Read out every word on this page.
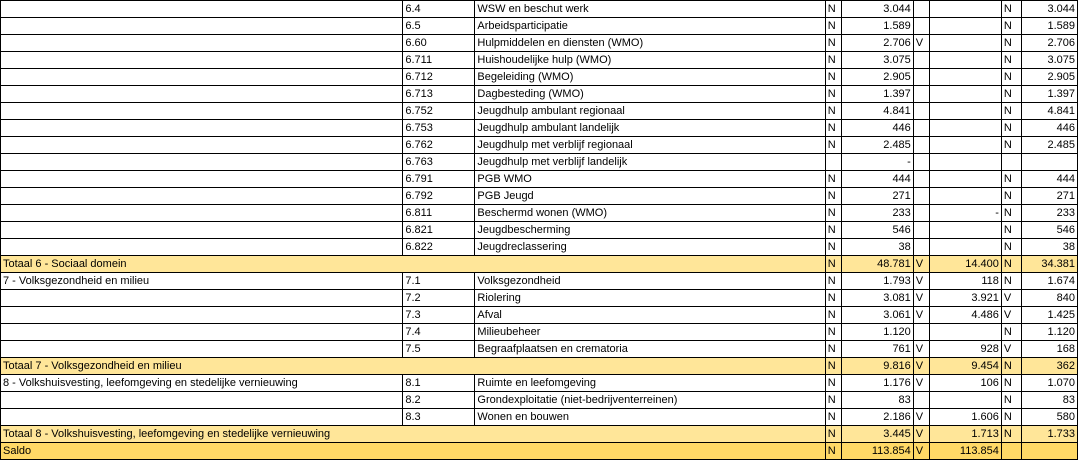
	6.4	WSW en beschut werk	N	3.044			N	3.044
	6.5	Arbeidsparticipatie	N	1.589			N	1.589
	6.60	Hulpmiddelen en diensten (WMO)	N	2.706	V		N	2.706
	6.711	Huishoudelijke hulp (WMO)	N	3.075			N	3.075
	6.712	Begeleiding (WMO)	N	2.905			N	2.905
	6.713	Dagbesteding (WMO)	N	1.397			N	1.397
	6.752	Jeugdhulp ambulant regionaal	N	4.841			N	4.841
	6.753	Jeugdhulp ambulant landelijk	N	446			N	446
	6.762	Jeugdhulp met verblijf regionaal	N	2.485			N	2.485
	6.763	Jeugdhulp met verblijf landelijk		-				
	6.791	PGB WMO	N	444			N	444
	6.792	PGB Jeugd	N	271			N	271
	6.811	Beschermd wonen (WMO)	N	233		-	N	233
	6.821	Jeugdbescherming	N	546			N	546
	6.822	Jeugdreclassering	N	38			N	38
Totaal 6 - Sociaal domein			N	48.781	V	14.400	N	34.381
7 - Volksgezondheid en milieu	7.1	Volksgezondheid	N	1.793	V	118	N	1.674
	7.2	Riolering	N	3.081	V	3.921	V	840
	7.3	Afval	N	3.061	V	4.486	V	1.425
	7.4	Milieubeheer	N	1.120			N	1.120
	7.5	Begraafplaatsen en crematoria	N	761	V	928	V	168
Totaal 7 - Volksgezondheid en milieu			N	9.816	V	9.454	N	362
8 - Volkshuisvesting, leefomgeving en stedelijke vernieuwing	8.1	Ruimte en leefomgeving	N	1.176	V	106	N	1.070
	8.2	Grondexploitatie (niet-bedrijventerreinen)	N	83			N	83
	8.3	Wonen en bouwen	N	2.186	V	1.606	N	580
Totaal 8 - Volkshuisvesting, leefomgeving en stedelijke vernieuwing			N	3.445	V	1.713	N	1.733
Saldo			N	113.854	V	113.854		
